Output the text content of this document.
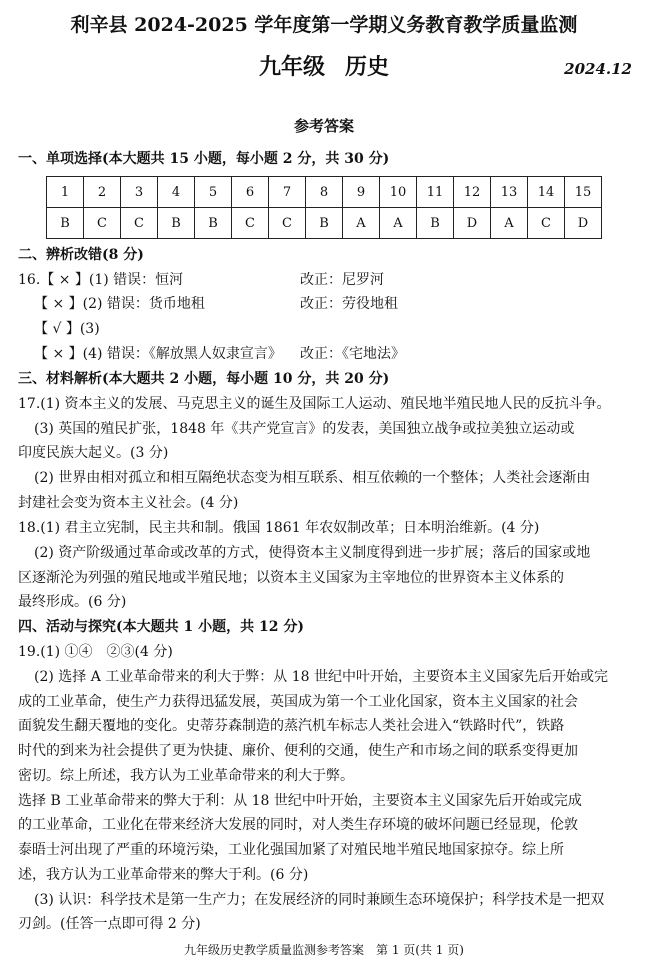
利辛县 2024-2025 学年度第一学期义务教育教学质量监测
九年级 历史	2024.12
参考答案
一、单项选择(本大题共 15 小题，每小题 2 分，共 30 分)
1	2	3	4	5	6	7	8	9	10	11	12	13	14	15
B	C	C	B	B	C	C	B	A	A	B	D	A	C	D
二、辨析改错(8 分)
16.【 × 】(1) 错误：恒河	改正：尼罗河
【 × 】(2) 错误：货币地租	改正：劳役地租
【 √ 】(3)
【 × 】(4) 错误：《解放黑人奴隶宣言》 改正：《宅地法》
三、材料解析(本大题共 2 小题，每小题 10 分，共 20 分)
17.(1) 资本主义的发展、马克思主义的诞生及国际工人运动、殖民地半殖民地人民的反抗斗争。
(3) 英国的殖民扩张，1848 年《共产党宣言》的发表，美国独立战争或拉美独立运动或
印度民族大起义。(3 分)
(2) 世界由相对孤立和相互隔绝状态变为相互联系、相互依赖的一个整体；人类社会逐渐由
封建社会变为资本主义社会。(4 分)
18.(1) 君主立宪制，民主共和制。俄国 1861 年农奴制改革；日本明治维新。(4 分)
(2) 资产阶级通过革命或改革的方式，使得资本主义制度得到进一步扩展；落后的国家或地
区逐渐沦为列强的殖民地或半殖民地；以资本主义国家为主宰地位的世界资本主义体系的
最终形成。(6 分)
四、活动与探究(本大题共 1 小题，共 12 分)
19.(1) ①④　②③(4 分)
(2) 选择 A 工业革命带来的利大于弊：从 18 世纪中叶开始，主要资本主义国家先后开始或完
成的工业革命，使生产力获得迅猛发展，英国成为第一个工业化国家，资本主义国家的社会
面貌发生翻天覆地的变化。史蒂芬森制造的蒸汽机车标志人类社会进入“铁路时代”，铁路
时代的到来为社会提供了更为快捷、廉价、便利的交通，使生产和市场之间的联系变得更加
密切。综上所述，我方认为工业革命带来的利大于弊。
选择 B 工业革命带来的弊大于利：从 18 世纪中叶开始，主要资本主义国家先后开始或完成
的工业革命，工业化在带来经济大发展的同时，对人类生存环境的破坏问题已经显现，伦敦
泰晤士河出现了严重的环境污染，工业化强国加紧了对殖民地半殖民地国家掠夺。综上所
述，我方认为工业革命带来的弊大于利。(6 分)
(3) 认识：科学技术是第一生产力；在发展经济的同时兼顾生态环境保护；科学技术是一把双
刃剑。(任答一点即可得 2 分)
九年级历史教学质量监测参考答案　第 1 页(共 1 页)
